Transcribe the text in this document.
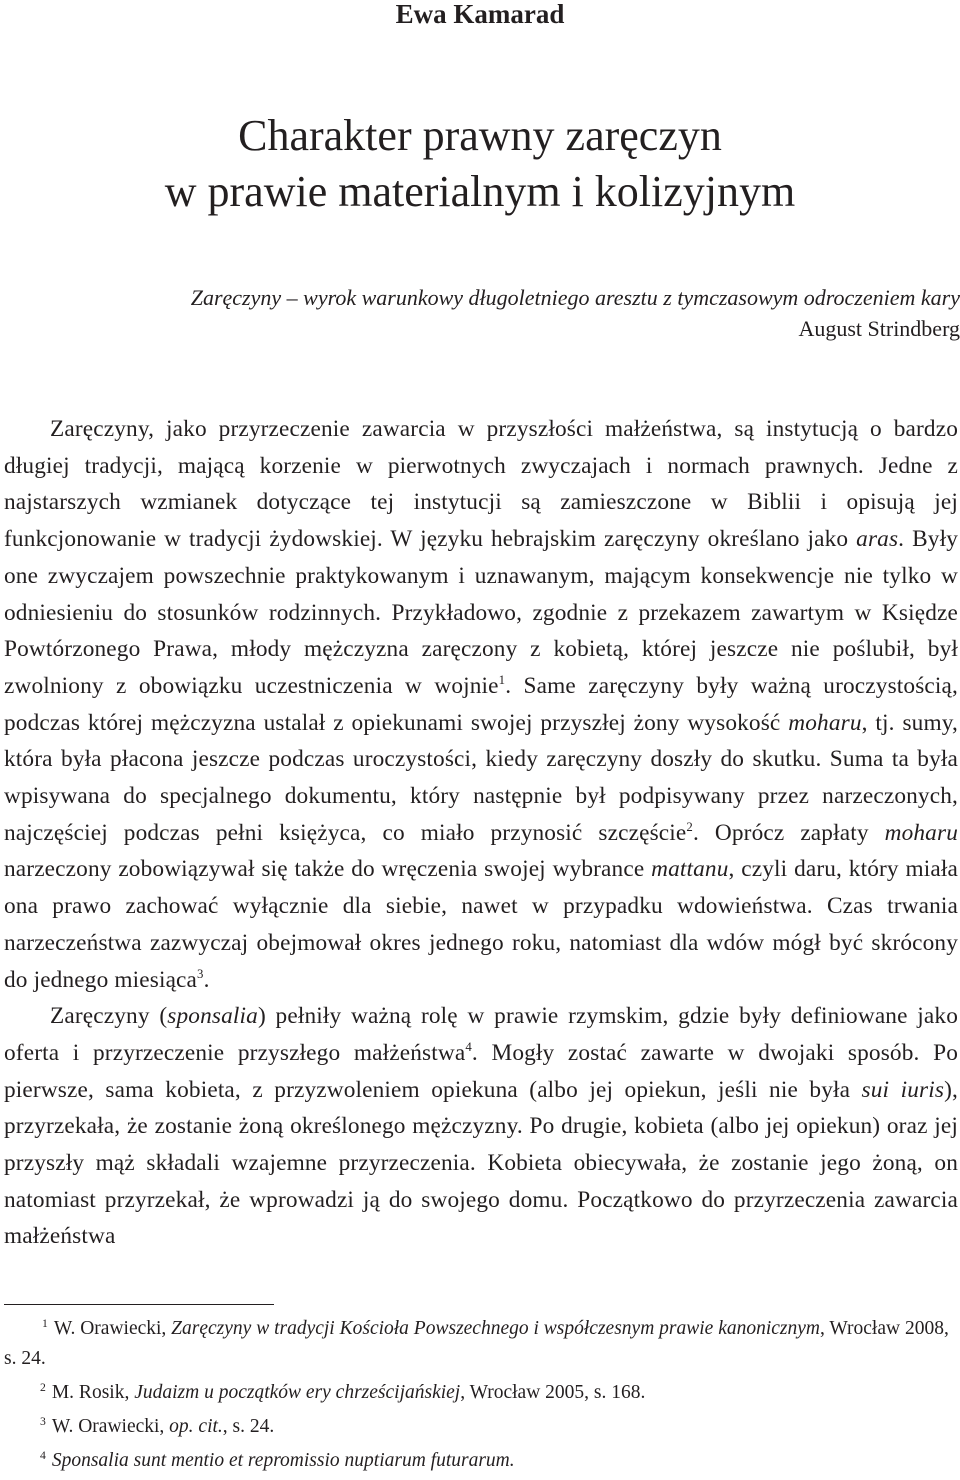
Ewa Kamarad
Charakter prawny zaręczyn
w prawie materialnym i kolizyjnym
Zaręczyny – wyrok warunkowy długoletniego aresztu z tymczasowym odroczeniem kary
August Strindberg

Zaręczyny, jako przyrzeczenie zawarcia w przyszłości małżeństwa, są instytucją o bardzo długiej tradycji, mającą korzenie w pierwotnych zwyczajach i normach prawnych. Jedne z najstarszych wzmianek dotyczące tej instytucji są zamieszczone w Biblii i opisują jej funkcjonowanie w tradycji żydowskiej. W języku hebrajskim zaręczyny określano jako aras. Były one zwyczajem powszechnie praktykowanym i uznawanym, mającym konsekwencje nie tylko w odniesieniu do stosunków rodzinnych. Przykładowo, zgodnie z przekazem zawartym w Księdze Powtórzonego Prawa, młody mężczyzna zaręczony z kobietą, której jeszcze nie poślubił, był zwolniony z obowiązku uczestniczenia w wojnie$^1$. Same zaręczyny były ważną uroczystością, podczas której mężczyzna ustalał z opiekunami swojej przyszłej żony wysokość moharu, tj. sumy, która była płacona jeszcze podczas uroczystości, kiedy zaręczyny doszły do skutku. Suma ta była wpisywana do specjalnego dokumentu, który następnie był podpisywany przez narzeczonych, najczęściej podczas pełni księżyca, co miało przynosić szczęście$^2$. Oprócz zapłaty moharu narzeczony zobowiązywał się także do wręczenia swojej wybrance mattanu, czyli daru, który miała ona prawo zachować wyłącznie dla siebie, nawet w przypadku wdowieństwa. Czas trwania narzeczeństwa zazwyczaj obejmował okres jednego roku, natomiast dla wdów mógł być skrócony do jednego miesiąca$^3$.

Zaręczyny (sponsalia) pełniły ważną rolę w prawie rzymskim, gdzie były definiowane jako oferta i przyrzeczenie przyszłego małżeństwa$^4$. Mogły zostać zawarte w dwojaki sposób. Po pierwsze, sama kobieta, z przyzwoleniem opiekuna (albo jej opiekun, jeśli nie była sui iuris), przyrzekała, że zostanie żoną określonego mężczyzny. Po drugie, kobieta (albo jej opiekun) oraz jej przyszły mąż składali wzajemne przyrzeczenia. Kobieta obiecywała, że zostanie jego żoną, on natomiast przyrzekał, że wprowadzi ją do swojego domu. Początkowo do przyrzeczenia zawarcia małżeństwa

$^1$ W. Orawiecki, Zaręczyny w tradycji Kościoła Powszechnego i współczesnym prawie kanonicznym, Wrocław 2008, s. 24.
$^2$ M. Rosik, Judaizm u początków ery chrześcijańskiej, Wrocław 2005, s. 168.
$^3$ W. Orawiecki, op. cit., s. 24.
$^4$ Sponsalia sunt mentio et repromissio nuptiarum futurarum.
